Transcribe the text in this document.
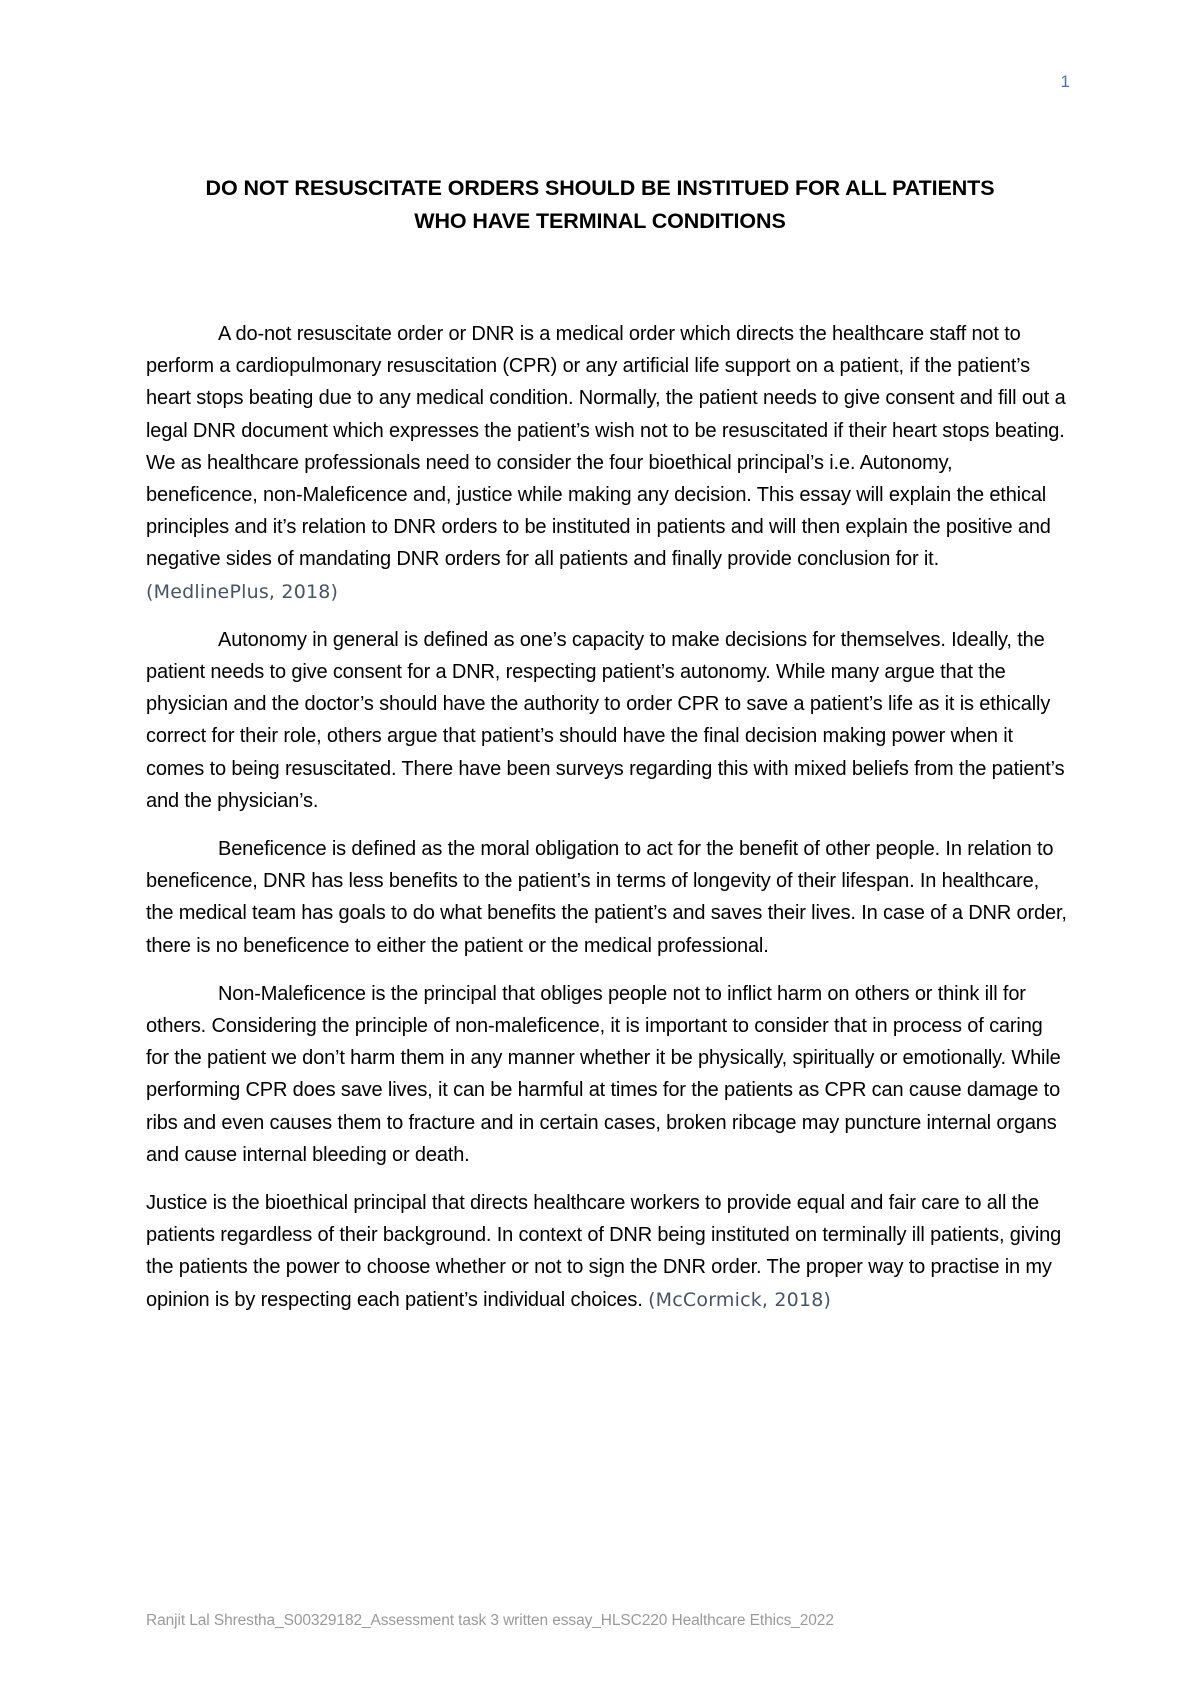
1
DO NOT RESUSCITATE ORDERS SHOULD BE INSTITUED FOR ALL PATIENTS
WHO HAVE TERMINAL CONDITIONS

A do-not resuscitate order or DNR is a medical order which directs the healthcare staff not to perform a cardiopulmonary resuscitation (CPR) or any artificial life support on a patient, if the patient’s heart stops beating due to any medical condition. Normally, the patient needs to give consent and fill out a legal DNR document which expresses the patient’s wish not to be resuscitated if their heart stops beating. We as healthcare professionals need to consider the four bioethical principal’s i.e. Autonomy, beneficence, non-Maleficence and, justice while making any decision. This essay will explain the ethical principles and it’s relation to DNR orders to be instituted in patients and will then explain the positive and negative sides of mandating DNR orders for all patients and finally provide conclusion for it. (MedlinePlus, 2018)

Autonomy in general is defined as one’s capacity to make decisions for themselves. Ideally, the patient needs to give consent for a DNR, respecting patient’s autonomy. While many argue that the physician and the doctor’s should have the authority to order CPR to save a patient’s life as it is ethically correct for their role, others argue that patient’s should have the final decision making power when it comes to being resuscitated. There have been surveys regarding this with mixed beliefs from the patient’s and the physician’s.

Beneficence is defined as the moral obligation to act for the benefit of other people. In relation to beneficence, DNR has less benefits to the patient’s in terms of longevity of their lifespan. In healthcare, the medical team has goals to do what benefits the patient’s and saves their lives. In case of a DNR order, there is no beneficence to either the patient or the medical professional.

Non-Maleficence is the principal that obliges people not to inflict harm on others or think ill for others. Considering the principle of non-maleficence, it is important to consider that in process of caring for the patient we don’t harm them in any manner whether it be physically, spiritually or emotionally. While performing CPR does save lives, it can be harmful at times for the patients as CPR can cause damage to ribs and even causes them to fracture and in certain cases, broken ribcage may puncture internal organs and cause internal bleeding or death.

Justice is the bioethical principal that directs healthcare workers to provide equal and fair care to all the patients regardless of their background. In context of DNR being instituted on terminally ill patients, giving the patients the power to choose whether or not to sign the DNR order. The proper way to practise in my opinion is by respecting each patient’s individual choices. (McCormick, 2018)

Ranjit Lal Shrestha_S00329182_Assessment task 3 written essay_HLSC220 Healthcare Ethics_2022
